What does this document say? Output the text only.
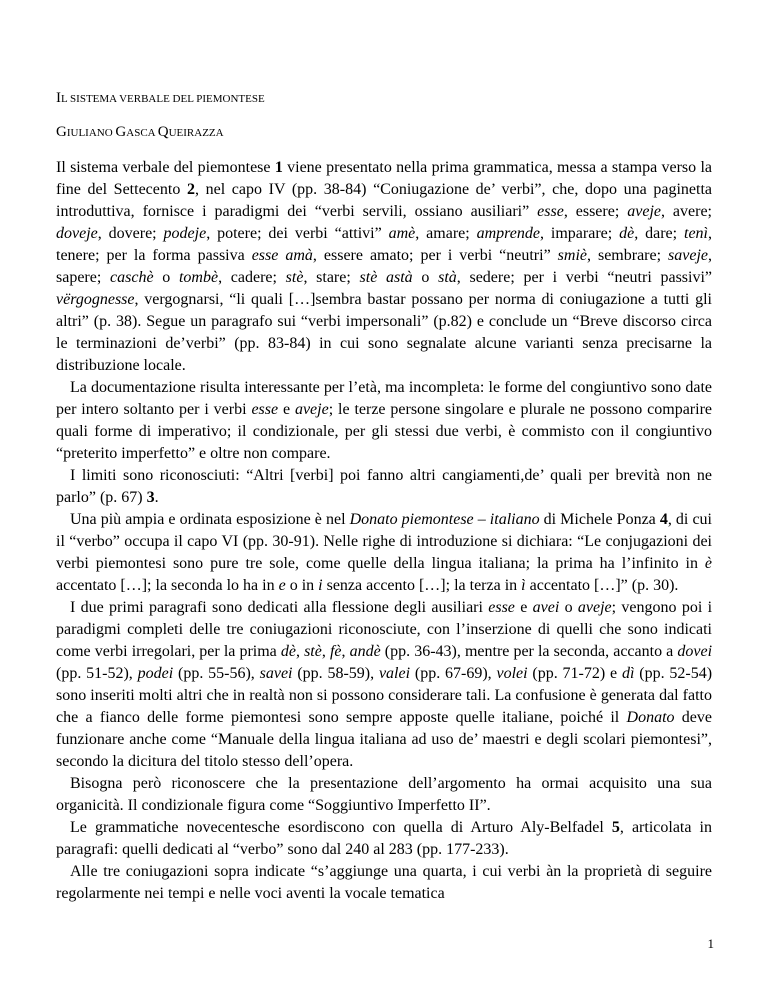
IL SISTEMA VERBALE DEL PIEMONTESE
GIULIANO GASCA QUEIRAZZA

Il sistema verbale del piemontese 1 viene presentato nella prima grammatica, messa a stampa verso la fine del Settecento 2, nel capo IV (pp. 38-84) “Coniugazione de’ verbi”, che, dopo una paginetta introduttiva, fornisce i paradigmi dei “verbi servili, ossiano ausiliari” esse, essere; aveje, avere; doveje, dovere; podeje, potere; dei verbi “attivi” amè, amare; amprende, imparare; dè, dare; tenì, tenere; per la forma passiva esse amà, essere amato; per i verbi “neutri” smiè, sembrare; saveje, sapere; caschè o tombè, cadere; stè, stare; stè astà o stà, sedere; per i verbi “neutri passivi” vërgognesse, vergognarsi, “li quali […]sembra bastar possano per norma di coniugazione a tutti gli altri” (p. 38). Segue un paragrafo sui “verbi impersonali” (p.82) e conclude un “Breve discorso circa le terminazioni de’verbi” (pp. 83-84) in cui sono segnalate alcune varianti senza precisarne la distribuzione locale.

La documentazione risulta interessante per l’età, ma incompleta: le forme del congiuntivo sono date per intero soltanto per i verbi esse e aveje; le terze persone singolare e plurale ne possono comparire quali forme di imperativo; il condizionale, per gli stessi due verbi, è commisto con il congiuntivo “preterito imperfetto” e oltre non compare.

I limiti sono riconosciuti: “Altri [verbi] poi fanno altri cangiamenti,de’ quali per brevità non ne parlo” (p. 67) 3.

Una più ampia e ordinata esposizione è nel Donato piemontese – italiano di Michele Ponza 4, di cui il “verbo” occupa il capo VI (pp. 30-91). Nelle righe di introduzione si dichiara: “Le conjugazioni dei verbi piemontesi sono pure tre sole, come quelle della lingua italiana; la prima ha l’infinito in è accentato […]; la seconda lo ha in e o in i senza accento […]; la terza in ì accentato […]” (p. 30).

I due primi paragrafi sono dedicati alla flessione degli ausiliari esse e avei o aveje; vengono poi i paradigmi completi delle tre coniugazioni riconosciute, con l’inserzione di quelli che sono indicati come verbi irregolari, per la prima dè, stè, fè, andè (pp. 36-43), mentre per la seconda, accanto a dovei (pp. 51-52), podei (pp. 55-56), savei (pp. 58-59), valei (pp. 67-69), volei (pp. 71-72) e dì (pp. 52-54) sono inseriti molti altri che in realtà non si possono considerare tali. La confusione è generata dal fatto che a fianco delle forme piemontesi sono sempre apposte quelle italiane, poiché il Donato deve funzionare anche come “Manuale della lingua italiana ad uso de’ maestri e degli scolari piemontesi”, secondo la dicitura del titolo stesso dell’opera.

Bisogna però riconoscere che la presentazione dell’argomento ha ormai acquisito una sua organicità. Il condizionale figura come “Soggiuntivo Imperfetto II”.

Le grammatiche novecentesche esordiscono con quella di Arturo Aly-Belfadel 5, articolata in paragrafi: quelli dedicati al “verbo” sono dal 240 al 283 (pp. 177-233).

Alle tre coniugazioni sopra indicate “s’aggiunge una quarta, i cui verbi àn la proprietà di seguire regolarmente nei tempi e nelle voci aventi la vocale tematica

1
